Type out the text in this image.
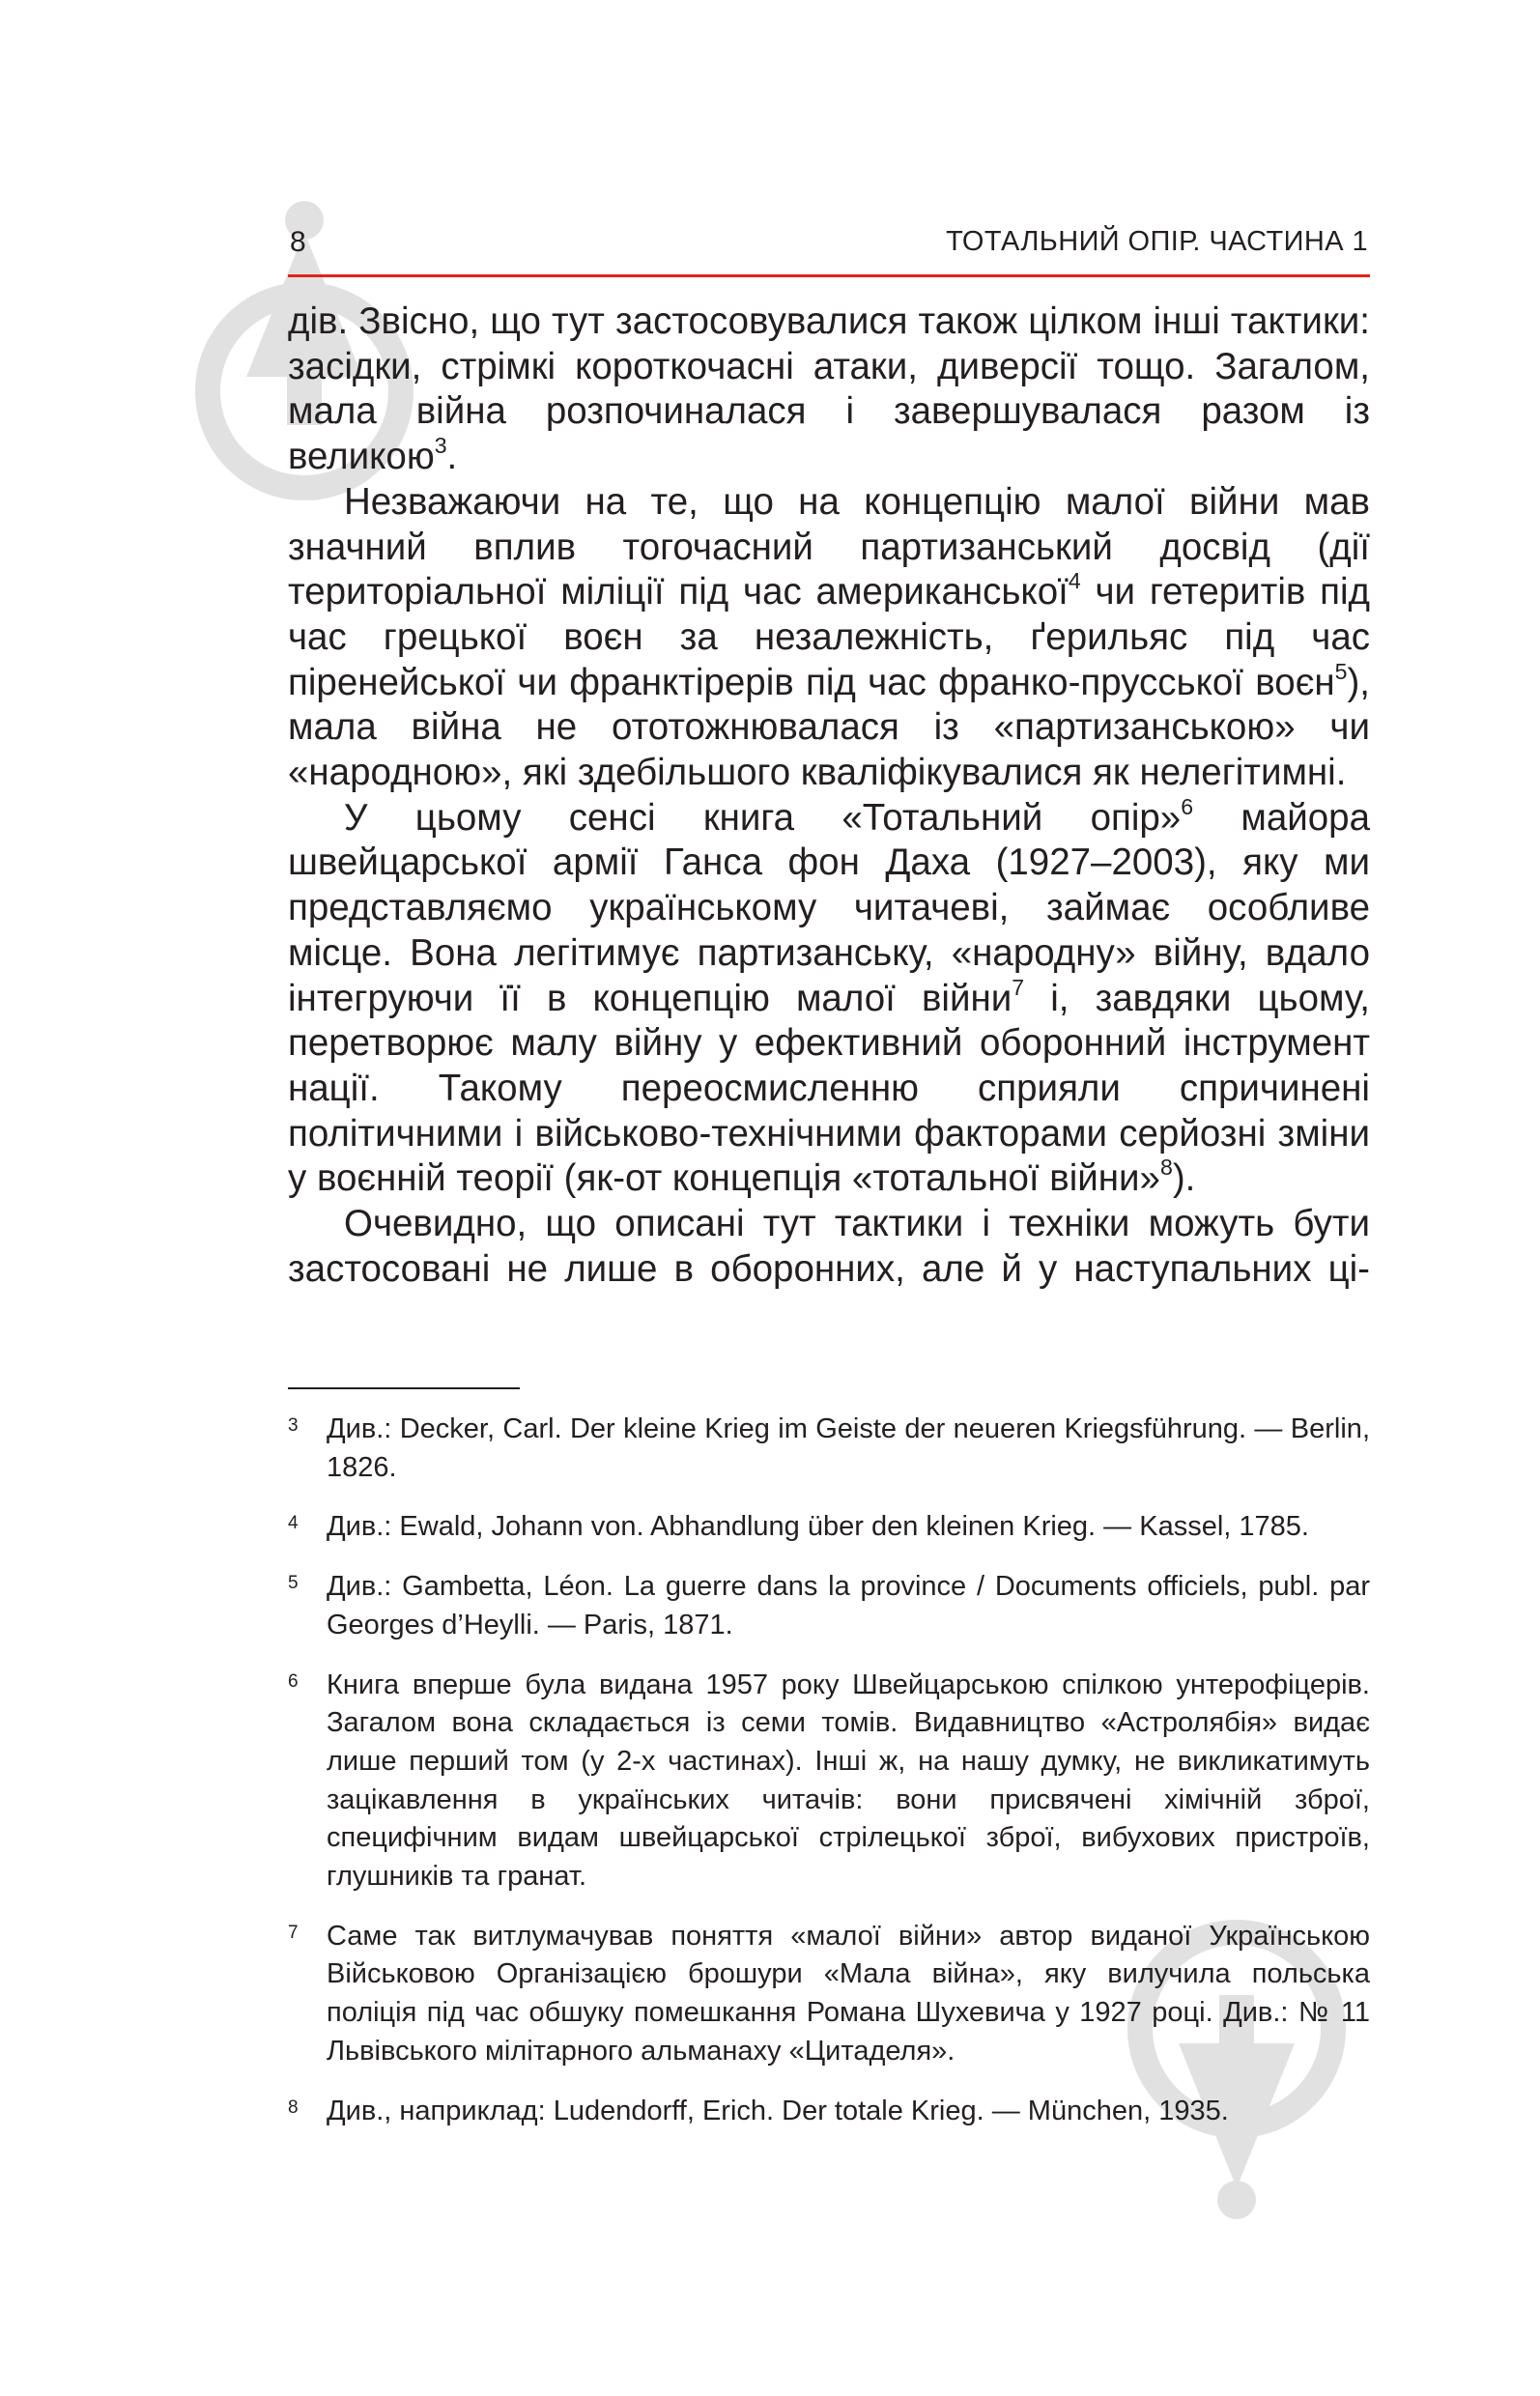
8	ТОТАЛЬНИЙ ОПІР. ЧАСТИНА 1

дів. Звісно, що тут застосовувалися також цілком інші тактики: засідки, стрімкі короткочасні атаки, диверсії тощо. Загалом, мала війна розпочиналася і завершувалася разом із великою$^3$.

Незважаючи на те, що на концепцію малої війни мав значний вплив тогочасний партизанський досвід (дії територіальної міліції під час американської$^4$ чи гетеритів під час грецької воєн за незалежність, ґерильяс під час піренейської чи франктірерів під час франко-прусської воєн$^5$), мала війна не ототожнювалася із «партизанською» чи «народною», які здебільшого кваліфікувалися як нелегітимні.

У цьому сенсі книга «Тотальний опір»$^6$ майора швейцарської армії Ганса фон Даха (1927–2003), яку ми представляємо українському читачеві, займає особливе місце. Вона легітимує партизанську, «народну» війну, вдало інтегруючи її в концепцію малої війни$^7$ і, завдяки цьому, перетворює малу війну у ефективний оборонний інструмент нації. Такому переосмисленню сприяли спричинені політичними і військово-технічними факторами серйозні зміни у воєнній теорії (як-от концепція «тотальної війни»$^8$).

Очевидно, що описані тут тактики і техніки можуть бути застосовані не лише в оборонних, але й у наступальних ці-

3 Див.: Decker, Carl. Der kleine Krieg im Geiste der neueren Kriegsführung. — Berlin, 1826.

4 Див.: Ewald, Johann von. Abhandlung über den kleinen Krieg. — Kassel, 1785.

5 Див.: Gambetta, Léon. La guerre dans la province / Documents officiels, publ. par Georges d’Heylli. — Paris, 1871.

6 Книга вперше була видана 1957 року Швейцарською спілкою унтерофіцерів. Загалом вона складається із семи томів. Видавництво «Астролябія» видає лише перший том (у 2-х частинах). Інші ж, на нашу думку, не викликатимуть зацікавлення в українських читачів: вони присвячені хімічній зброї, специфічним видам швейцарської стрілецької зброї, вибухових пристроїв, глушників та гранат.

7 Саме так витлумачував поняття «малої війни» автор виданої Українською Військовою Організацією брошури «Мала війна», яку вилучила польська поліція під час обшуку помешкання Романа Шухевича у 1927 році. Див.: № 11 Львівського мілітарного альманаху «Цитаделя».

8 Див., наприклад: Ludendorff, Erich. Der totale Krieg. — München, 1935.
